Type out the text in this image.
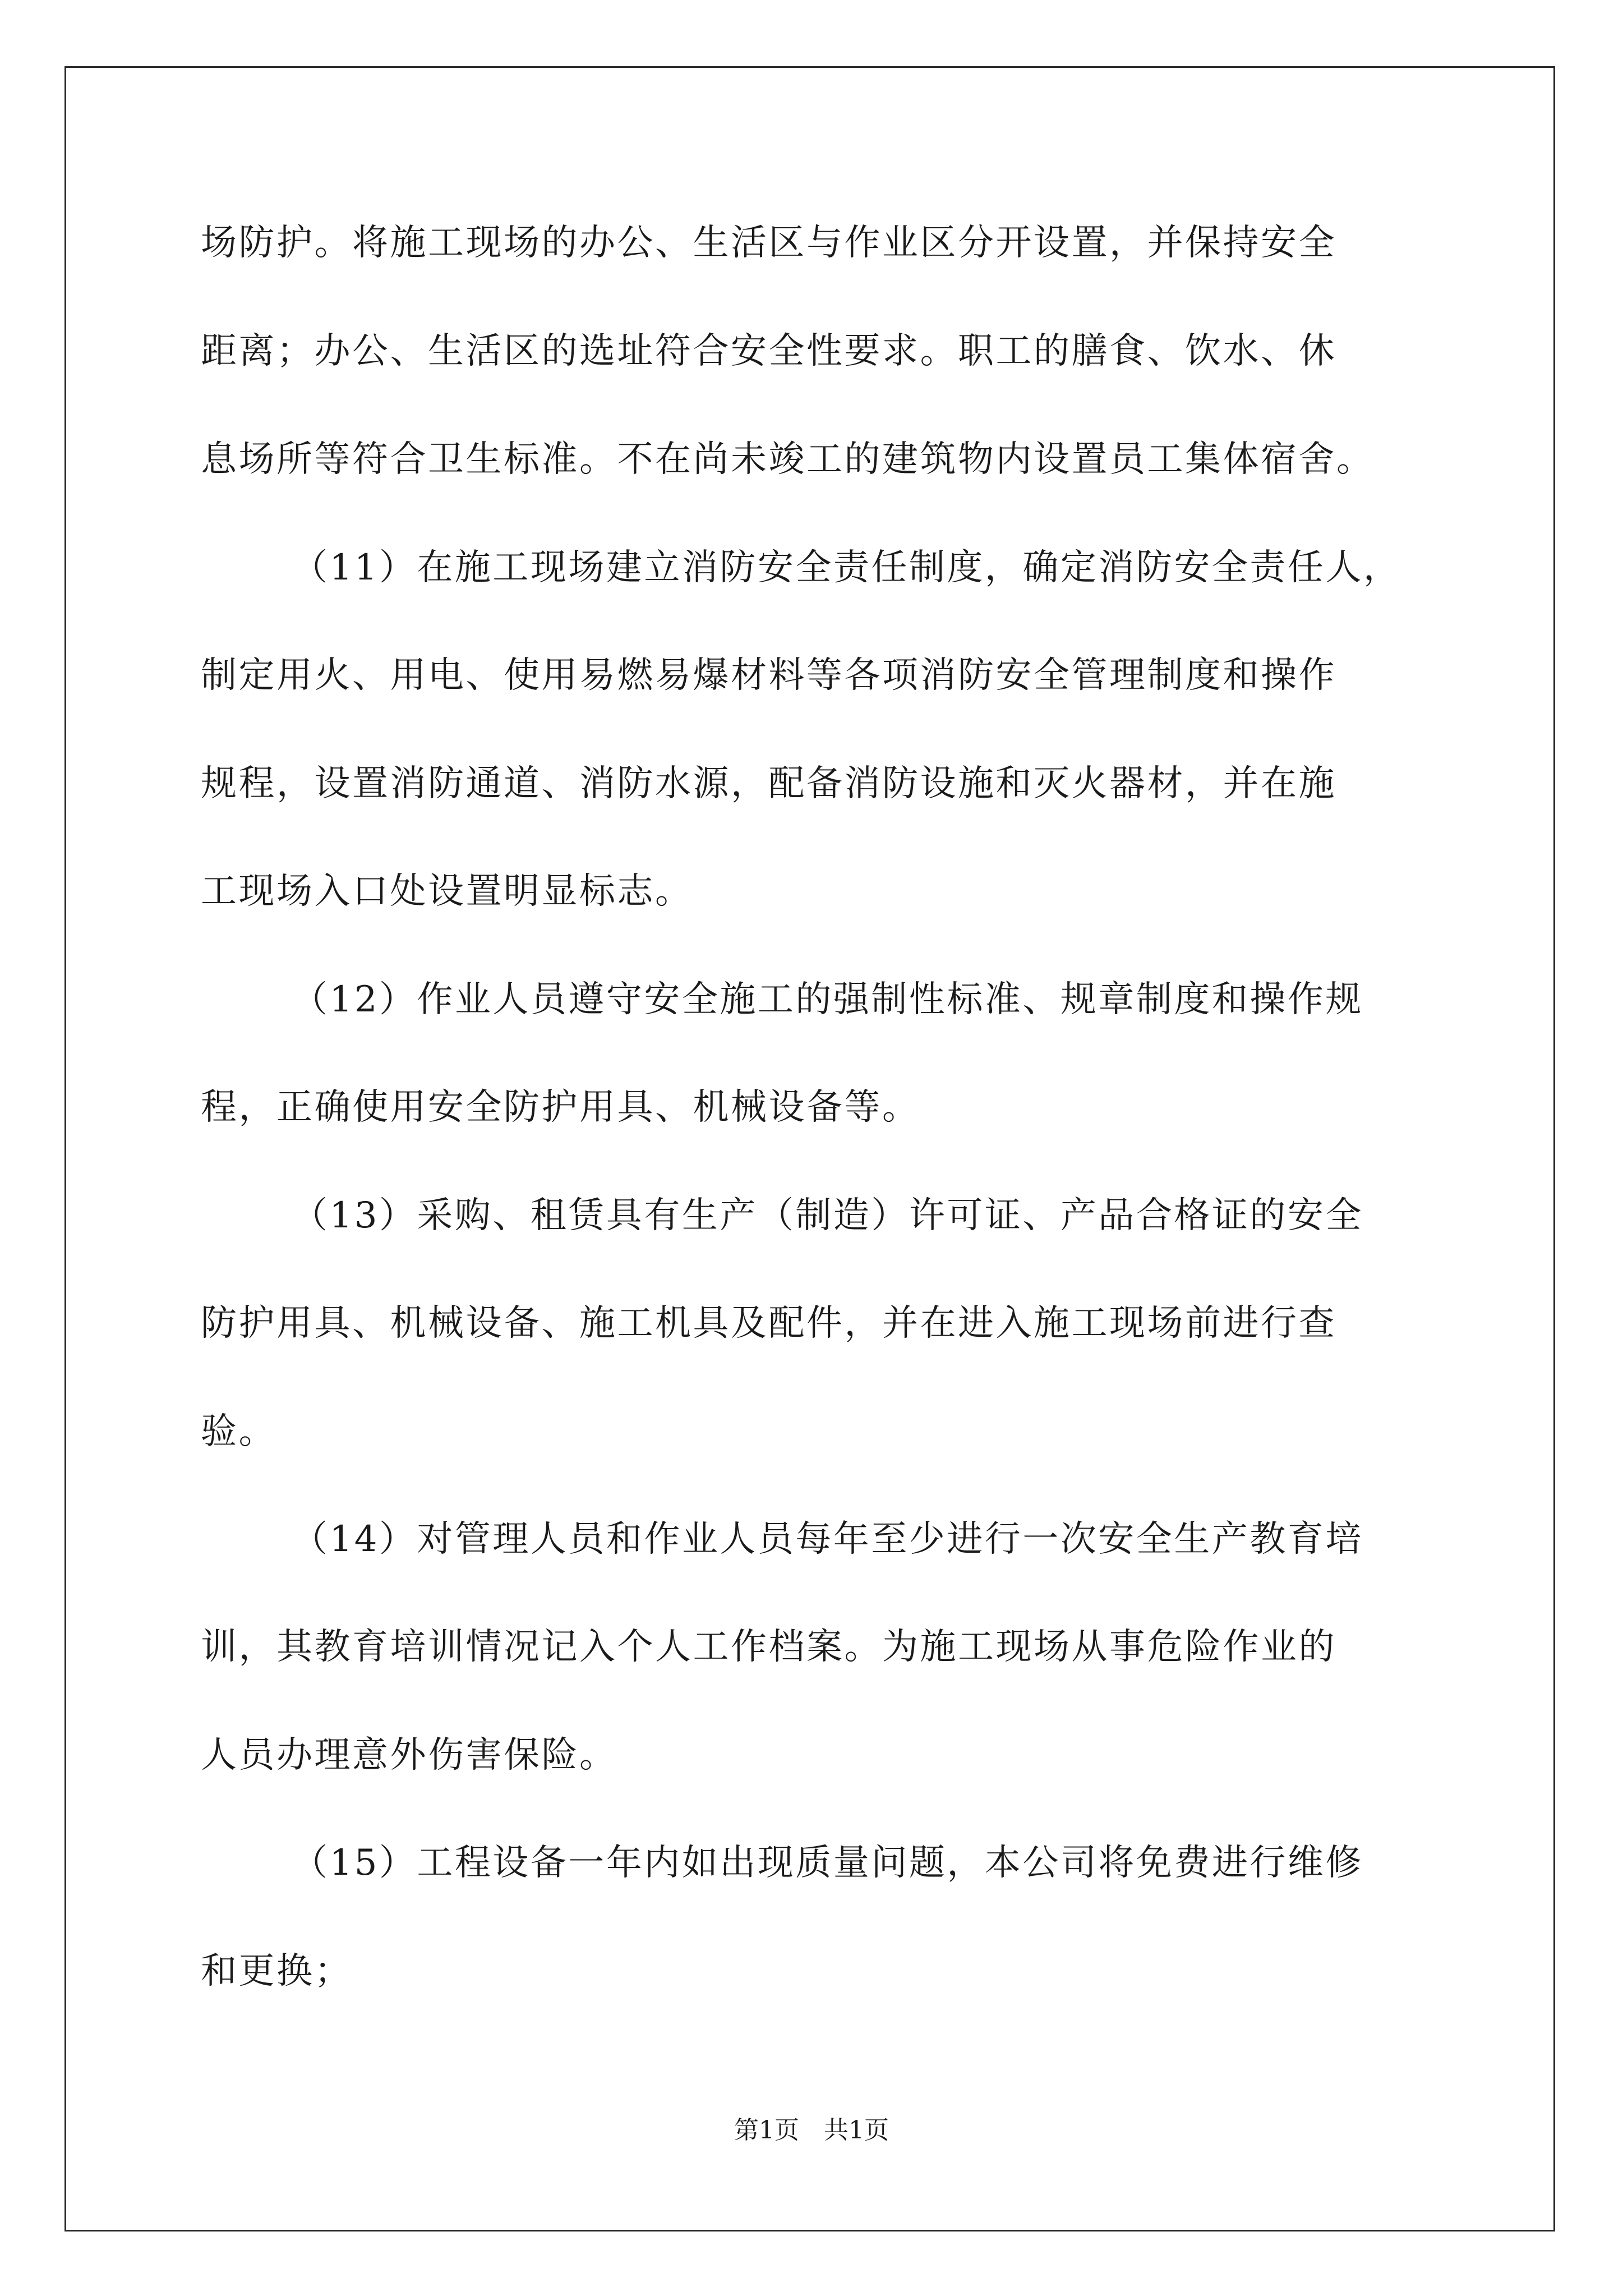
场防护。将施工现场的办公、生活区与作业区分开设置，并保持安全
距离；办公、生活区的选址符合安全性要求。职工的膳食、饮水、休
息场所等符合卫生标准。不在尚未竣工的建筑物内设置员工集体宿舍。
（11）在施工现场建立消防安全责任制度，确定消防安全责任人，
制定用火、用电、使用易燃易爆材料等各项消防安全管理制度和操作
规程，设置消防通道、消防水源，配备消防设施和灭火器材，并在施
工现场入口处设置明显标志。
（12）作业人员遵守安全施工的强制性标准、规章制度和操作规
程，正确使用安全防护用具、机械设备等。
（13）采购、租赁具有生产（制造）许可证、产品合格证的安全
防护用具、机械设备、施工机具及配件，并在进入施工现场前进行查
验。
（14）对管理人员和作业人员每年至少进行一次安全生产教育培
训，其教育培训情况记入个人工作档案。为施工现场从事危险作业的
人员办理意外伤害保险。
（15）工程设备一年内如出现质量问题，本公司将免费进行维修
和更换；
第1页　共1页
